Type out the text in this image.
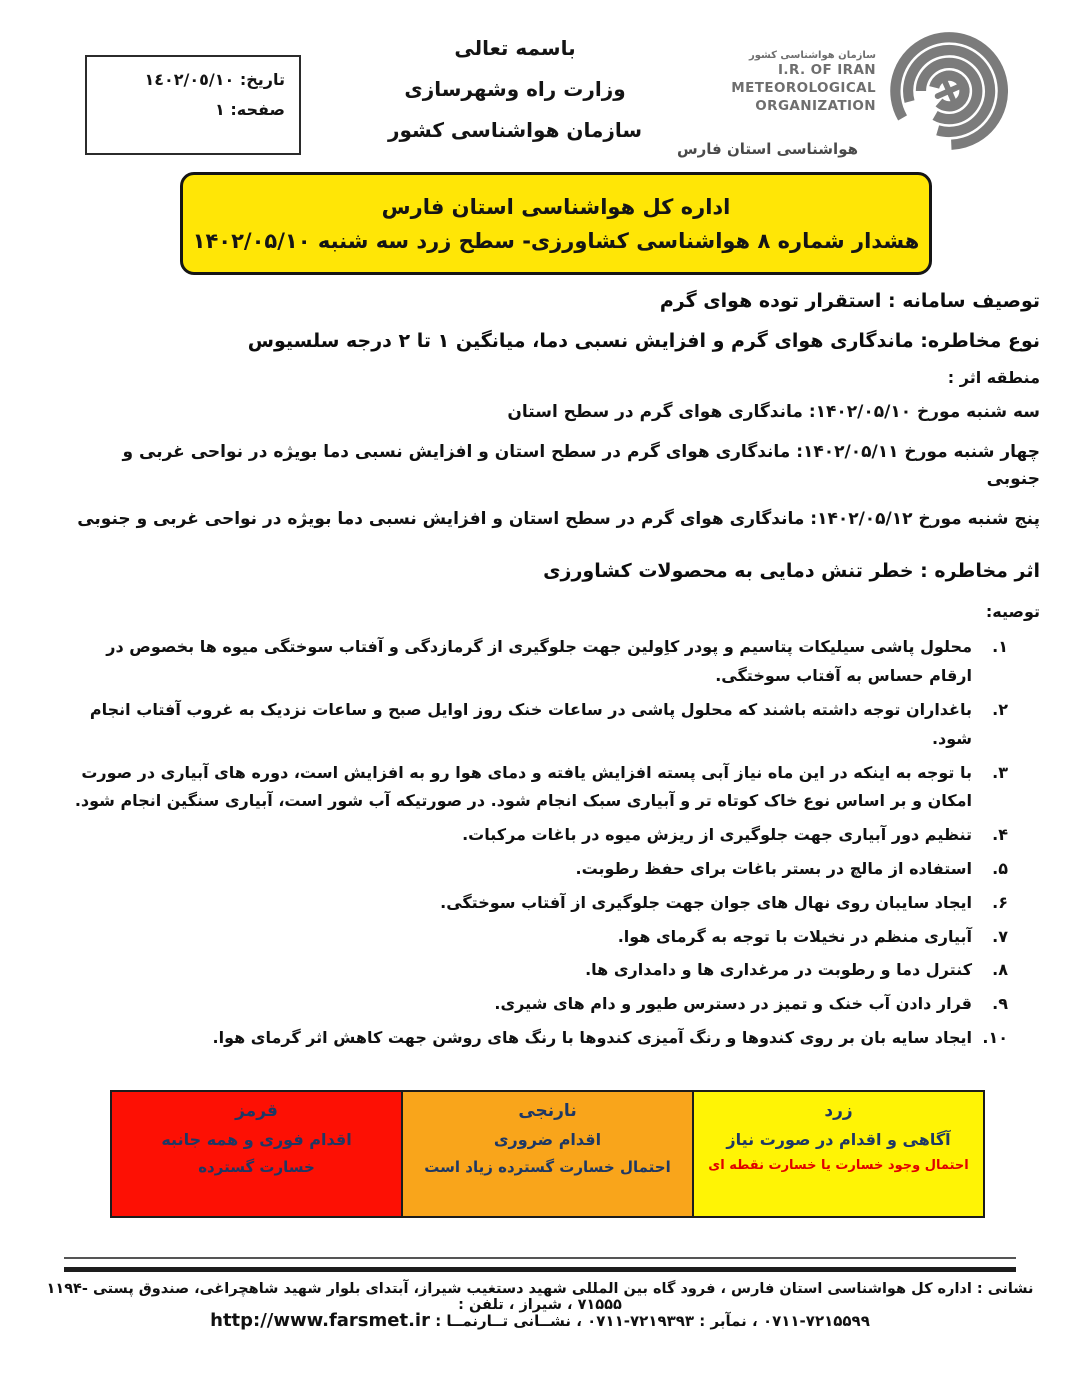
تاریخ: ١٤٠٢/٠٥/١٠
صفحه: ١
باسمه تعالی
وزارت راه وشهرسازی
سازمان هواشناسی کشور
سازمان هواشناسی کشور
I.R. OF IRAN
METEOROLOGICAL
ORGANIZATION
هواشناسی استان فارس
اداره کل هواشناسی استان فارس
هشدار شماره ۸ هواشناسی کشاورزی- سطح زرد سه شنبه ۱۴۰۲/۰۵/۱۰
توصیف سامانه : استقرار توده هوای گرم
نوع مخاطره: ماندگاری هوای گرم و افزایش نسبی دما، میانگین ۱ تا ۲ درجه سلسیوس
منطقه اثر :
سه شنبه مورخ ۱۴۰۲/۰۵/۱۰: ماندگاری هوای گرم در سطح استان
چهار شنبه مورخ ۱۴۰۲/۰۵/۱۱: ماندگاری هوای گرم در سطح استان و افزایش نسبی دما بویژه در نواحی غربی و جنوبی
پنج شنبه مورخ ۱۴۰۲/۰۵/۱۲: ماندگاری هوای گرم در سطح استان و افزایش نسبی دما بویژه در نواحی غربی و جنوبی
اثر مخاطره : خطر تنش دمایی به محصولات کشاورزی
توصیه:
۱.
محلول پاشی سیلیکات پتاسیم و پودر کاِولین جهت جلوگیری از گرمازدگی و آفتاب سوختگی میوه ها بخصوص در ارقام حساس به آفتاب سوختگی.
۲.
باغداران توجه داشته باشند که محلول پاشی در ساعات خنک روز اوایل صبح و ساعات نزدیک به غروب آفتاب انجام شود.
۳.
با توجه به اینکه در این ماه نیاز آبی پسته افزایش یافته و دمای هوا رو به افزایش است، دوره های آبیاری در صورت امکان و بر اساس نوع خاک کوتاه تر و آبیاری سبک انجام شود. در صورتیکه آب شور است، آبیاری سنگین انجام شود.
۴.
تنظیم دور آبیاری جهت جلوگیری از ریزش میوه در باغات مرکبات.
۵.
استفاده از مالچ در بستر باغات برای حفظ رطوبت.
۶.
ایجاد سایبان روی نهال های جوان جهت جلوگیری از آفتاب سوختگی.
۷.
آبیاری منظم در نخیلات با توجه به گرمای هوا.
۸.
کنترل دما و رطوبت در مرغداری ها و دامداری ها.
۹.
قرار دادن آب خنک و تمیز در دسترس طیور و دام های شیری.
۱۰.
ایجاد سایه بان بر روی کندوها و رنگ آمیزی کندوها با رنگ های روشن جهت کاهش اثر گرمای هوا.
قرمز
اقدام فوری و همه جانبه
خسارت گسترده
نارنجی
اقدام ضروری
احتمال خسارت گسترده زیاد است
زرد
آگاهی و اقدام در صورت نیاز
احتمال وجود خسارت یا خسارت نقطه ای
نشانی : اداره کل هواشناسی استان فارس ، فرود گاه بین المللی شهید دستغیب شیراز، آبتدای بلوار شهید شاهچراغی، صندوق پستی ۱۱۹۴- ۷۱۵۵۵ ، شیراز ، تلفن :
۰۷۱۱-۷۲۱۵۵۹۹ ، نمآبر : ۰۷۱۱-۷۲۱۹۳۹۳ ، نشــانی تــارنمــا : http://www.farsmet.ir
